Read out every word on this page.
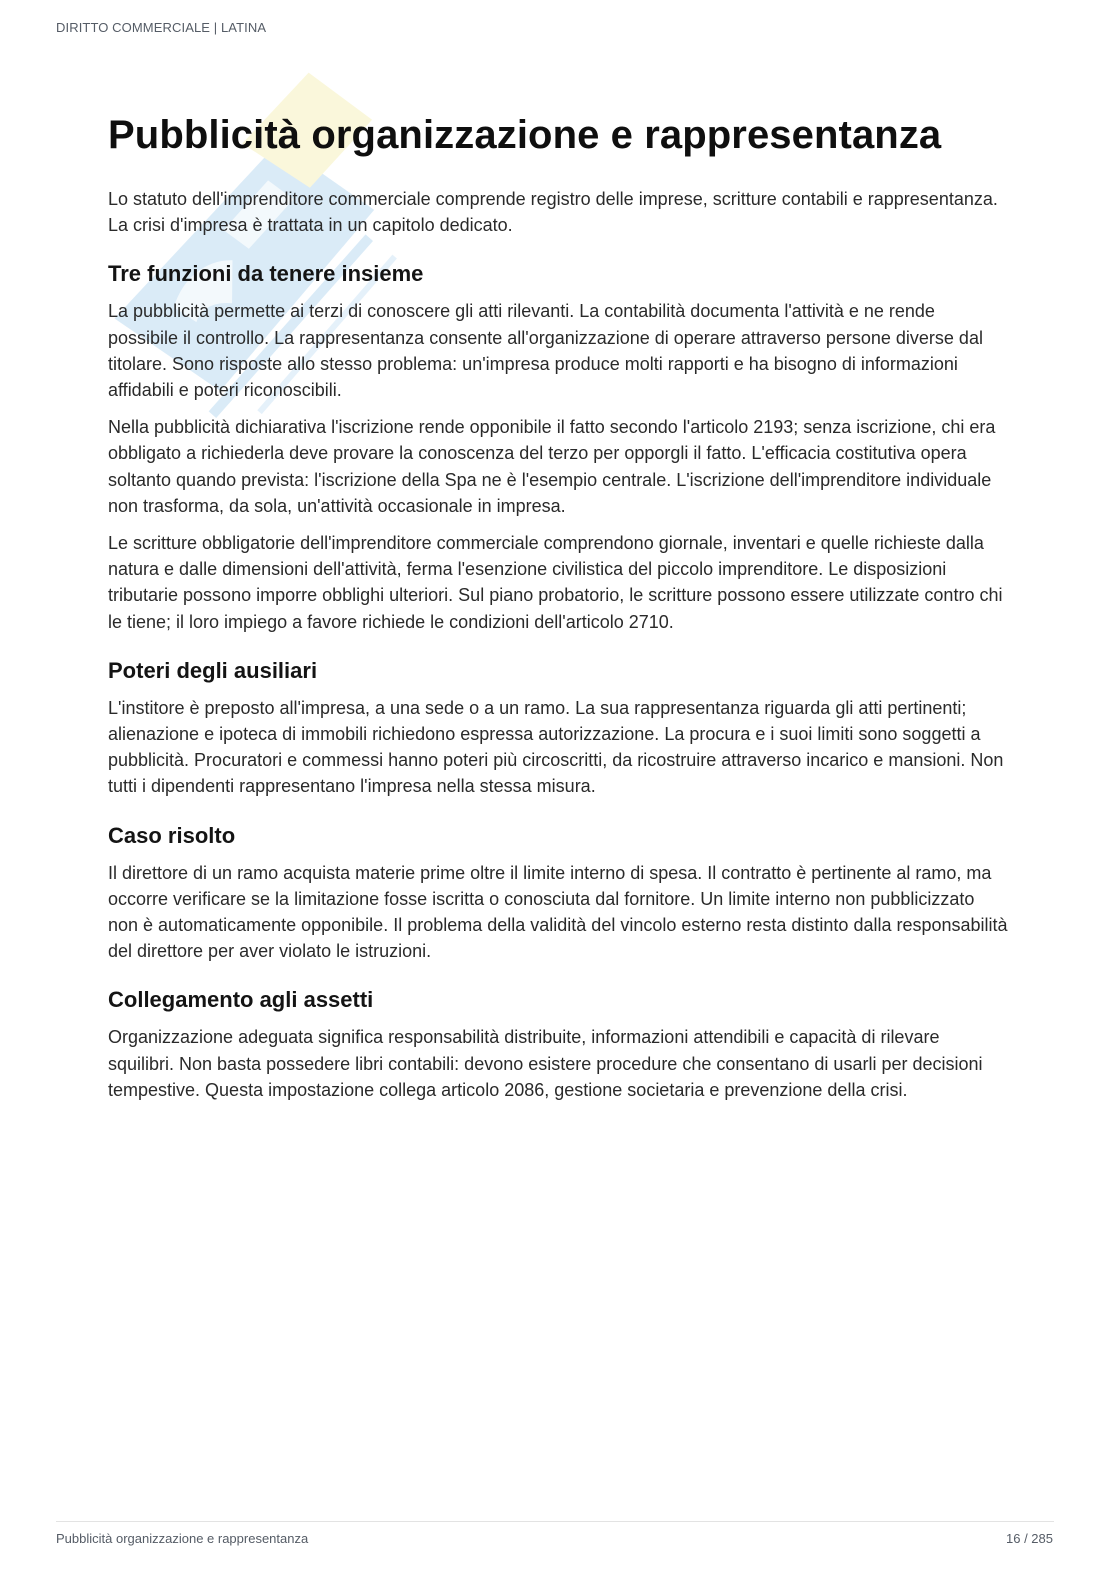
DIRITTO COMMERCIALE | LATINA
Pubblicità organizzazione e rappresentanza

Lo statuto dell'imprenditore commerciale comprende registro delle imprese, scritture contabili e rappresentanza. La crisi d'impresa è trattata in un capitolo dedicato.

Tre funzioni da tenere insieme

La pubblicità permette ai terzi di conoscere gli atti rilevanti. La contabilità documenta l'attività e ne rende possibile il controllo. La rappresentanza consente all'organizzazione di operare attraverso persone diverse dal titolare. Sono risposte allo stesso problema: un'impresa produce molti rapporti e ha bisogno di informazioni affidabili e poteri riconoscibili.

Nella pubblicità dichiarativa l'iscrizione rende opponibile il fatto secondo l'articolo 2193; senza iscrizione, chi era obbligato a richiederla deve provare la conoscenza del terzo per opporgli il fatto. L'efficacia costitutiva opera soltanto quando prevista: l'iscrizione della Spa ne è l'esempio centrale. L'iscrizione dell'imprenditore individuale non trasforma, da sola, un'attività occasionale in impresa.

Le scritture obbligatorie dell'imprenditore commerciale comprendono giornale, inventari e quelle richieste dalla natura e dalle dimensioni dell'attività, ferma l'esenzione civilistica del piccolo imprenditore. Le disposizioni tributarie possono imporre obblighi ulteriori. Sul piano probatorio, le scritture possono essere utilizzate contro chi le tiene; il loro impiego a favore richiede le condizioni dell'articolo 2710.

Poteri degli ausiliari

L'institore è preposto all'impresa, a una sede o a un ramo. La sua rappresentanza riguarda gli atti pertinenti; alienazione e ipoteca di immobili richiedono espressa autorizzazione. La procura e i suoi limiti sono soggetti a pubblicità. Procuratori e commessi hanno poteri più circoscritti, da ricostruire attraverso incarico e mansioni. Non tutti i dipendenti rappresentano l'impresa nella stessa misura.

Caso risolto

Il direttore di un ramo acquista materie prime oltre il limite interno di spesa. Il contratto è pertinente al ramo, ma occorre verificare se la limitazione fosse iscritta o conosciuta dal fornitore. Un limite interno non pubblicizzato non è automaticamente opponibile. Il problema della validità del vincolo esterno resta distinto dalla responsabilità del direttore per aver violato le istruzioni.

Collegamento agli assetti

Organizzazione adeguata significa responsabilità distribuite, informazioni attendibili e capacità di rilevare squilibri. Non basta possedere libri contabili: devono esistere procedure che consentano di usarli per decisioni tempestive. Questa impostazione collega articolo 2086, gestione societaria e prevenzione della crisi.

Pubblicità organizzazione e rappresentanza	16 / 285
